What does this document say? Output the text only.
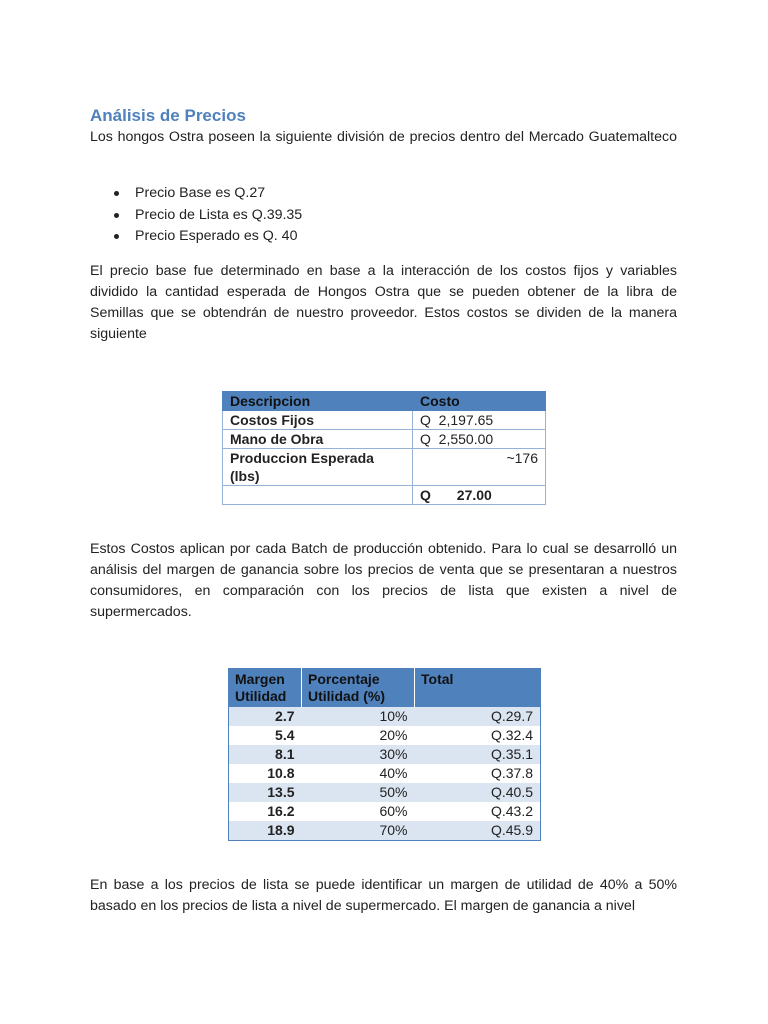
Análisis de Precios

Los hongos Ostra poseen la siguiente división de precios dentro del Mercado Guatemalteco

Precio Base es Q.27
Precio de Lista es Q.39.35
Precio Esperado es Q. 40

El precio base fue determinado en base a la interacción de los costos fijos y variables dividido la cantidad esperada de Hongos Ostra que se pueden obtener de la libra de Semillas que se obtendrán de nuestro proveedor. Estos costos se dividen de la manera siguiente

Descripcion	Costo
Costos Fijos	Q  2,197.65
Mano de Obra	Q  2,550.00
Produccion Esperada (lbs)	~176
	Q 27.00

Estos Costos aplican por cada Batch de producción obtenido. Para lo cual se desarrolló un análisis del margen de ganancia sobre los precios de venta que se presentaran a nuestros consumidores, en comparación con los precios de lista que existen a nivel de supermercados.

Margen Utilidad	Porcentaje Utilidad (%)	Total
2.7	10%	Q.29.7
5.4	20%	Q.32.4
8.1	30%	Q.35.1
10.8	40%	Q.37.8
13.5	50%	Q.40.5
16.2	60%	Q.43.2
18.9	70%	Q.45.9

En base a los precios de lista se puede identificar un margen de utilidad de 40% a 50% basado en los precios de lista a nivel de supermercado. El margen de ganancia a nivel
